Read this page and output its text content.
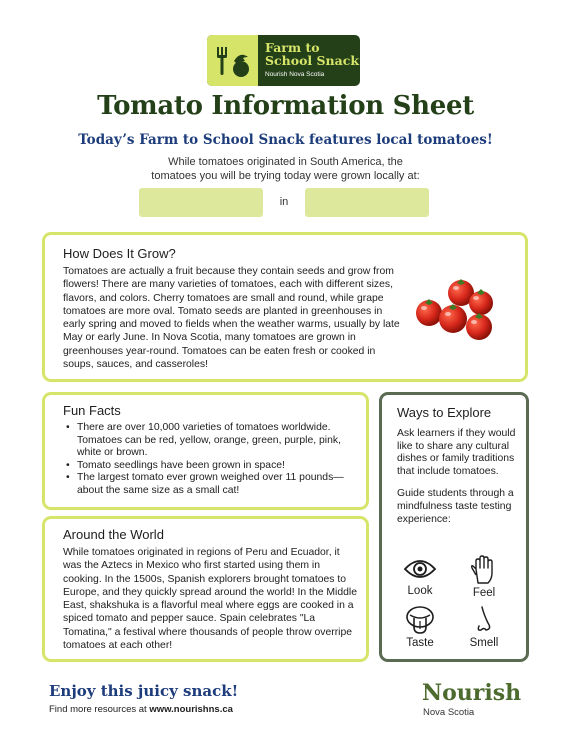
Farm to
School Snack
Nourish Nova Scotia
Tomato Information Sheet
Today’s Farm to School Snack features local tomatoes!
While tomatoes originated in South America, the
tomatoes you will be trying today were grown locally at:
in
How Does It Grow?

Tomatoes are actually a fruit because they contain seeds and grow from flowers! There are many varieties of tomatoes, each with different sizes, flavors, and colors. Cherry tomatoes are small and round, while grape tomatoes are more oval. Tomato seeds are planted in greenhouses in early spring and moved to fields when the weather warms, usually by late May or early June. In Nova Scotia, many tomatoes are grown in greenhouses year-round. Tomatoes can be eaten fresh or cooked in soups, sauces, and casseroles!

Fun Facts
• There are over 10,000 varieties of tomatoes worldwide. Tomatoes can be red, yellow, orange, green, purple, pink, white or brown.
• Tomato seedlings have been grown in space!
• The largest tomato ever grown weighed over 11 pounds—about the same size as a small cat!
Around the World

While tomatoes originated in regions of Peru and Ecuador, it was the Aztecs in Mexico who first started using them in cooking. In the 1500s, Spanish explorers brought tomatoes to Europe, and they quickly spread around the world! In the Middle East, shakshuka is a flavorful meal where eggs are cooked in a spiced tomato and pepper sauce. Spain celebrates "La Tomatina," a festival where thousands of people throw overripe tomatoes at each other!

Ways to Explore

Ask learners if they would like to share any cultural dishes or family traditions that include tomatoes.

Guide students through a mindfulness taste testing experience:

Look	Feel
Taste	Smell
Enjoy this juicy snack!
Find more resources at www.nourishns.ca
Nourish
Nova Scotia
